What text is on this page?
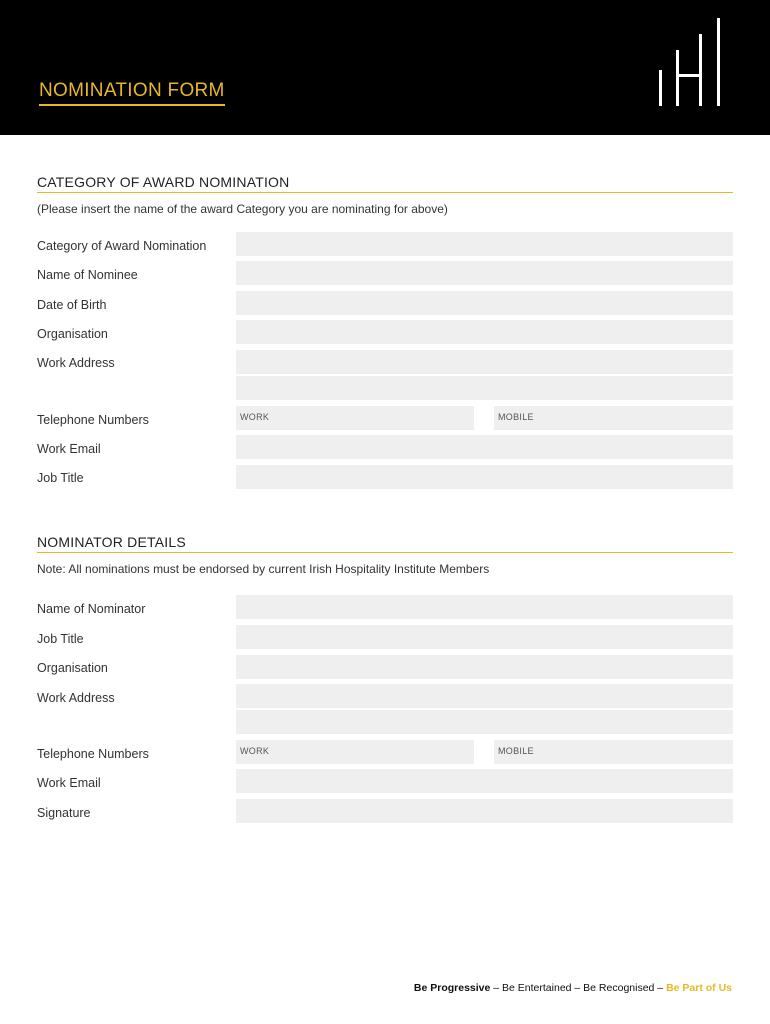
NOMINATION FORM
CATEGORY OF AWARD NOMINATION
(Please insert the name of the award Category you are nominating for above)
Category of Award Nomination
Name of Nominee
Date of Birth
Organisation
Work Address
Telephone Numbers	WORK	MOBILE
Work Email
Job Title
NOMINATOR DETAILS
Note: All nominations must be endorsed by current Irish Hospitality Institute Members
Name of Nominator
Job Title
Organisation
Work Address
Telephone Numbers	WORK	MOBILE
Work Email
Signature
Be Progressive – Be Entertained – Be Recognised – Be Part of Us
